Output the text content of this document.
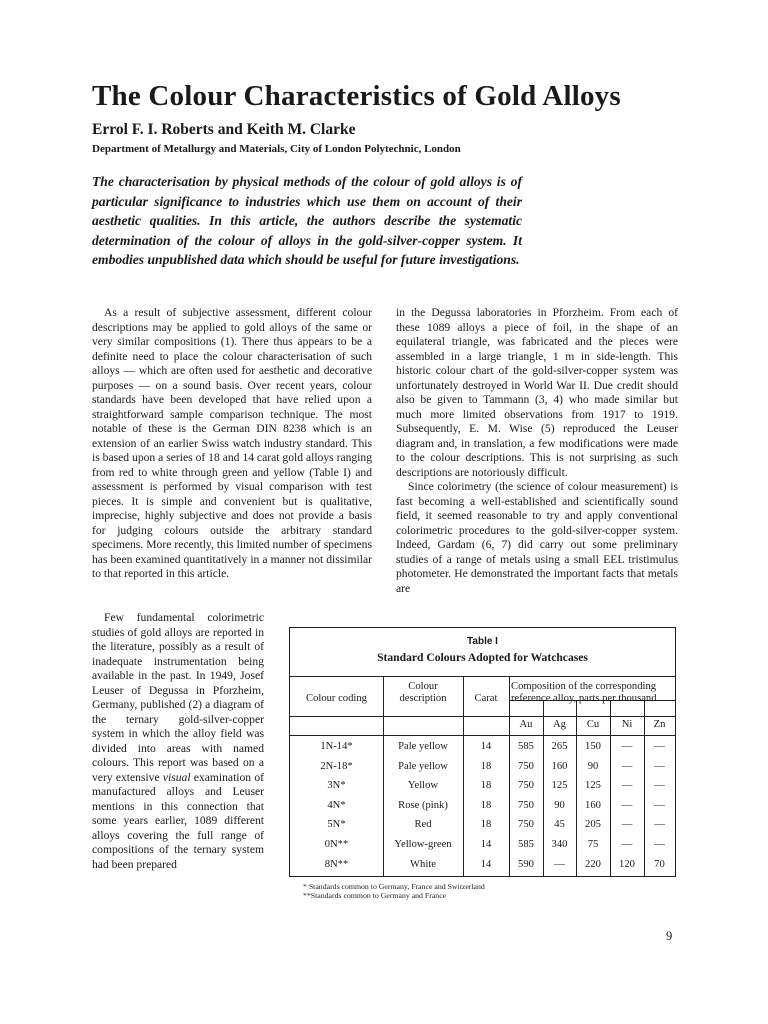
The Colour Characteristics of Gold Alloys
Errol F. I. Roberts and Keith M. Clarke
Department of Metallurgy and Materials, City of London Polytechnic, London
The characterisation by physical methods of the colour of gold alloys is of particular significance to industries which use them on account of their aesthetic qualities. In this article, the authors describe the systematic determination of the colour of alloys in the gold-silver-copper system. It embodies unpublished data which should be useful for future investigations.

As a result of subjective assessment, different colour descriptions may be applied to gold alloys of the same or very similar compositions (1). There thus appears to be a definite need to place the colour characterisation of such alloys — which are often used for aesthetic and decorative purposes — on a sound basis. Over recent years, colour standards have been developed that have relied upon a straightforward sample comparison technique. The most notable of these is the German DIN 8238 which is an extension of an earlier Swiss watch industry standard. This is based upon a series of 18 and 14 carat gold alloys ranging from red to white through green and yellow (Table I) and assessment is performed by visual comparison with test pieces. It is simple and convenient but is qualitative, imprecise, highly subjective and does not provide a basis for judging colours outside the arbitrary standard specimens. More recently, this limited number of specimens has been examined quantitatively in a manner not dissimilar to that reported in this article.

Few fundamental colorimetric studies of gold alloys are reported in the literature, possibly as a result of inadequate instrumentation being available in the past. In 1949, Josef Leuser of Degussa in Pforzheim, Germany, published (2) a diagram of the ternary gold-silver-copper system in which the alloy field was divided into areas with named colours. This report was based on a very extensive visual examination of manufactured alloys and Leuser mentions in this connection that some years earlier, 1089 different alloys covering the full range of compositions of the ternary system had been prepared

in the Degussa laboratories in Pforzheim. From each of these 1089 alloys a piece of foil, in the shape of an equilateral triangle, was fabricated and the pieces were assembled in a large triangle, 1 m in side-length. This historic colour chart of the gold-silver-copper system was unfortunately destroyed in World War II. Due credit should also be given to Tammann (3, 4) who made similar but much more limited observations from 1917 to 1919. Subsequently, E. M. Wise (5) reproduced the Leuser diagram and, in translation, a few modifications were made to the colour descriptions. This is not surprising as such descriptions are notoriously difficult.

Since colorimetry (the science of colour measurement) is fast becoming a well-established and scientifically sound field, it seemed reasonable to try and apply conventional colorimetric procedures to the gold-silver-copper system. Indeed, Gardam (6, 7) did carry out some preliminary studies of a range of metals using a small EEL tristimulus photometer. He demonstrated the important facts that metals are

Table I
Standard Colours Adopted for Watchcases
Colour coding
Colour
description	Carat
Composition of the corresponding
reference alloy, parts per thousand
Au	Ag	Cu	Ni	Zn
1N-14*	Pale yellow	14	585	265	150	—	—
2N-18*	Pale yellow	18	750	160	90	—	—
3N*	Yellow	18	750	125	125	—	—
4N*	Rose (pink)	18	750	90	160	—	—
5N*	Red	18	750	45	205	—	—
0N**	Yellow-green	14	585	340	75	—	—
8N**	White	14	590	—	220	120	70
* Standards common to Germany, France and Switzerland
**Standards common to Germany and France
9
